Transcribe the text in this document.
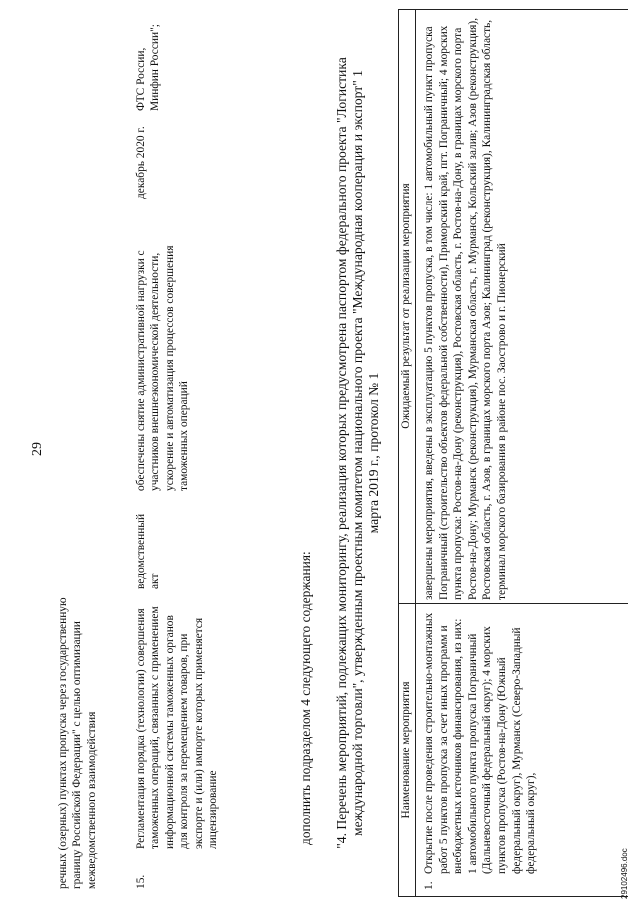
29
речных (озерных) пунктах пропуска через государственную границу Российской Федерации" с целью оптимизации межведомственного взаимодействия	15.
Регламентация порядка (технологии) совершения таможенных операций, связанных с применением информационной системы таможенных органов для контроля за перемещением товаров, при экспорте и (или) импорте которых применяется лицензирование
ведомственный акт
обеспечены снятие административной нагрузки с участников внешнеэкономической деятельности, ускорение и автоматизация процессов совершения таможенных операций
декабрь 2020 г.
ФТС России, Минфин России";
дополнить подразделом 4 следующего содержания: "4. Перечень мероприятий, подлежащих мониторингу, реализация которых предусмотрена паспортом федерального проекта "Логистика международной торговли", утвержденным проектным комитетом национального проекта "Международная кооперация и экспорт" 1 марта 2019 г., протокол № 1
Наименование мероприятия
Ожидаемый результат от реализации мероприятия
1.
Открытие после проведения строительно-монтажных работ 5 пунктов пропуска за счет иных программ и внебюджетных источников финансирования, из них: 1 автомобильного пункта пропуска Пограничный (Дальневосточный федеральный округ); 4 морских пунктов пропуска (Ростов-на-Дону (Южный федеральный округ), Мурманск (Северо-Западный федеральный округ),
завершены мероприятия, введены в эксплуатацию 5 пунктов пропуска, в том числе: 1 автомобильный пункт пропуска Пограничный (строительство объектов федеральной собственности), Приморский край, пгт. Пограничный; 4 морских пункта пропуска: Ростов-на-Дону (реконструкция), Ростовская область, г. Ростов-на-Дону, в границах морского порта Ростов-на-Дону; Мурманск (реконструкция), Мурманская область, г. Мурманск, Кольский залив; Азов (реконструкция), Ростовская область, г. Азов, в границах морского порта Азов; Калининград (реконструкция), Калининградская область, терминал морского базирования в районе пос. Заострово и г. Пионерский
29102496.doc
